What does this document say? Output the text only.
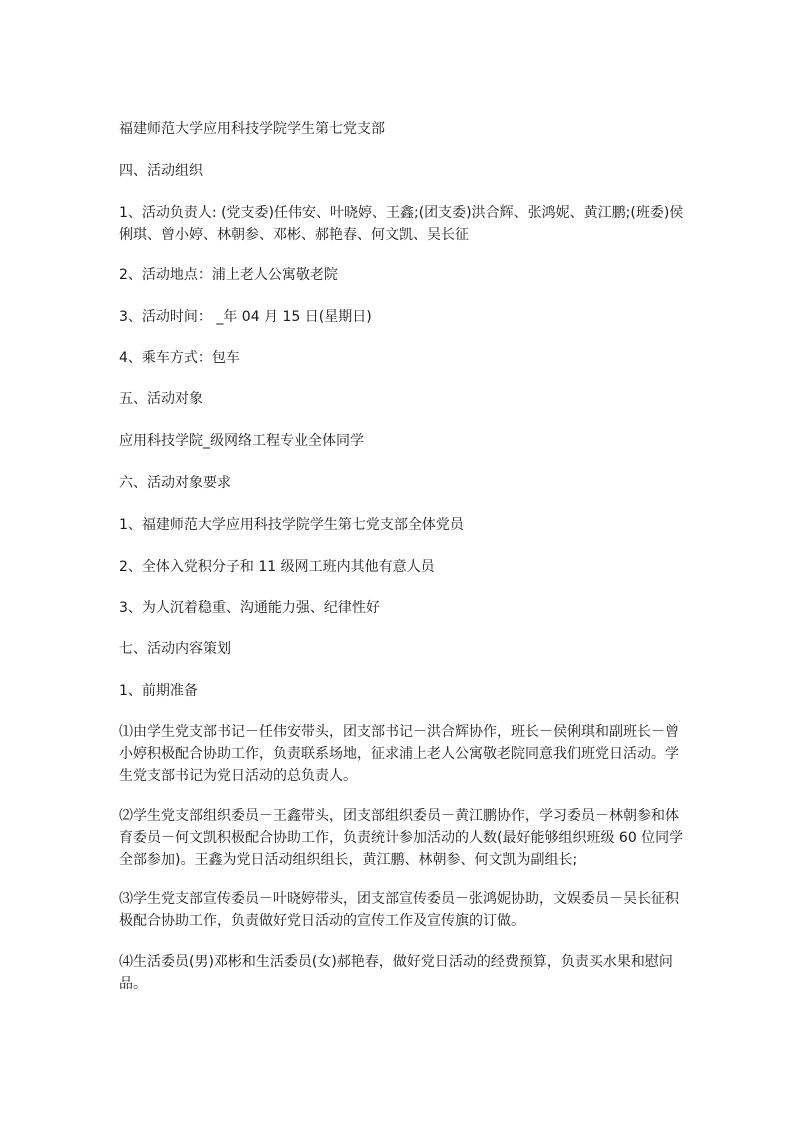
福建师范大学应用科技学院学生第七党支部
四、活动组织
1、活动负责人: (党支委)任伟安、叶晓婷、王鑫;(团支委)洪合辉、张鸿妮、黄江鹏;(班委)侯俐琪、曾小婷、林朝参、邓彬、郝艳春、何文凯、吴长征
2、活动地点：浦上老人公寓敬老院
3、活动时间： _年 04 月 15 日(星期日)
4、乘车方式：包车
五、活动对象
应用科技学院_级网络工程专业全体同学
六、活动对象要求
1、福建师范大学应用科技学院学生第七党支部全体党员
2、全体入党积分子和 11 级网工班内其他有意人员
3、为人沉着稳重、沟通能力强、纪律性好
七、活动内容策划
1、前期准备
⑴由学生党支部书记－任伟安带头，团支部书记－洪合辉协作，班长－侯俐琪和副班长－曾小婷积极配合协助工作，负责联系场地，征求浦上老人公寓敬老院同意我们班党日活动。学生党支部书记为党日活动的总负责人。
⑵学生党支部组织委员－王鑫带头，团支部组织委员－黄江鹏协作，学习委员－林朝参和体育委员－何文凯积极配合协助工作，负责统计参加活动的人数(最好能够组织班级 60 位同学全部参加)。王鑫为党日活动组织组长，黄江鹏、林朝参、何文凯为副组长;
⑶学生党支部宣传委员－叶晓婷带头，团支部宣传委员－张鸿妮协助，文娱委员－吴长征积极配合协助工作，负责做好党日活动的宣传工作及宣传旗的订做。
⑷生活委员(男)邓彬和生活委员(女)郝艳春，做好党日活动的经费预算，负责买水果和慰问品。
